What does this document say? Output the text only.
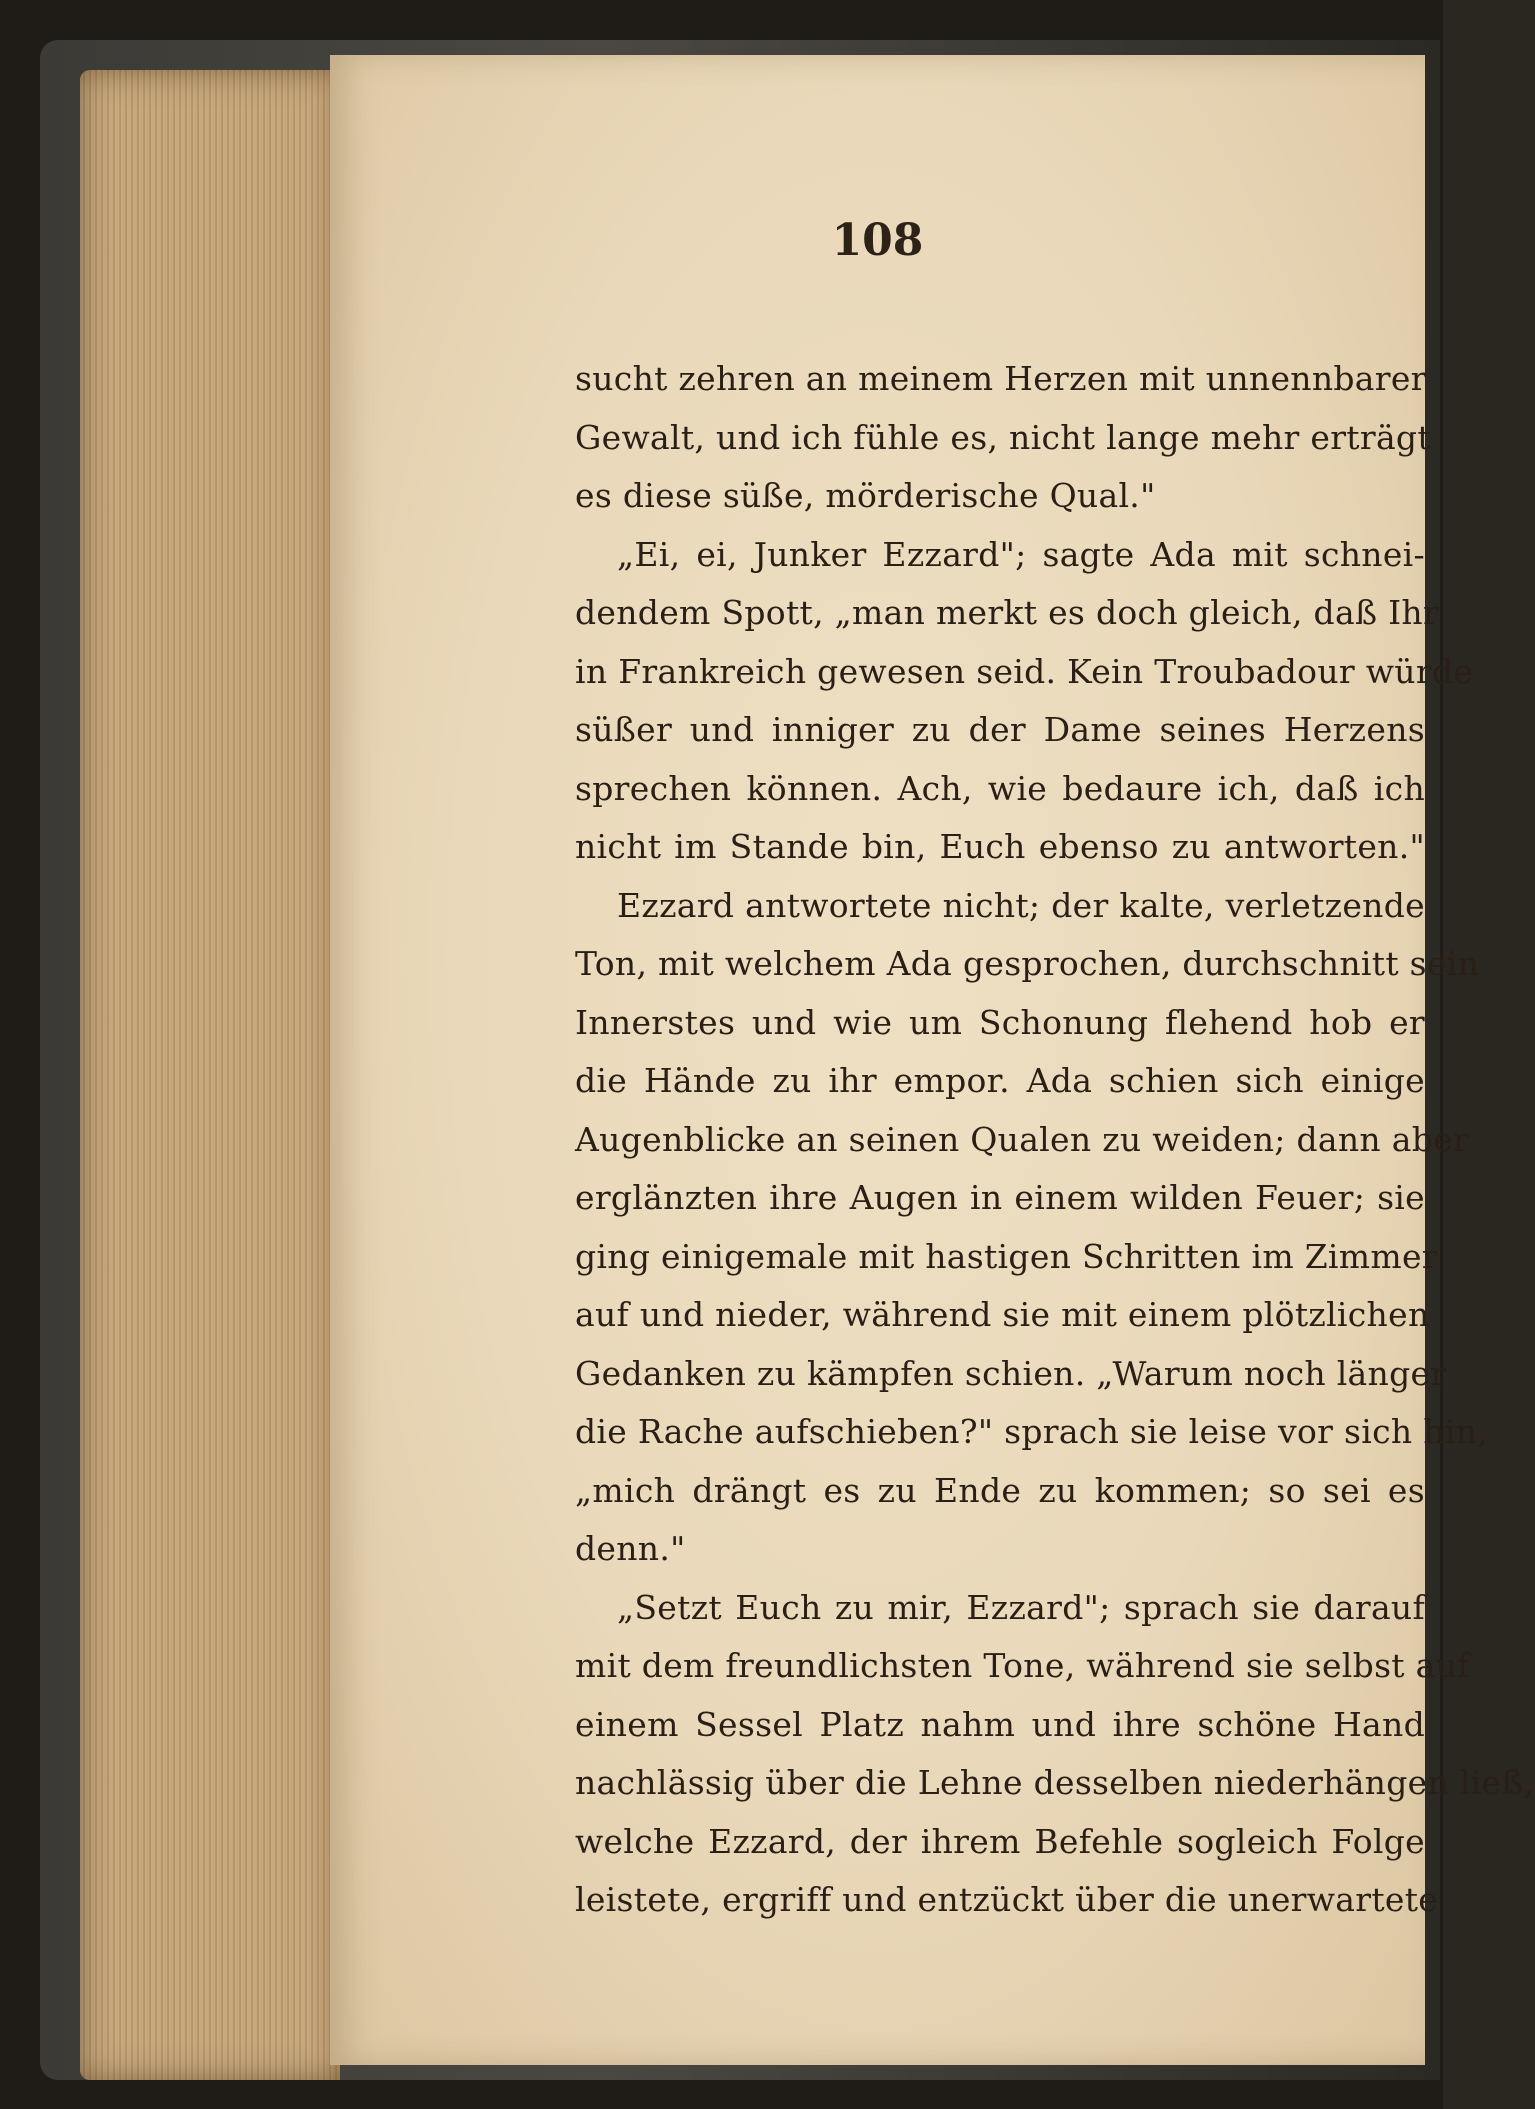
108
sucht zehren an meinem Herzen mit unnennbarer
Gewalt, und ich fühle es, nicht lange mehr erträgt
es diese süße, mörderische Qual."
„Ei, ei, Junker Ezzard"; sagte Ada mit schnei-
dendem Spott, „man merkt es doch gleich, daß Ihr
in Frankreich gewesen seid. Kein Troubadour würde
süßer und inniger zu der Dame seines Herzens
sprechen können. Ach, wie bedaure ich, daß ich
nicht im Stande bin, Euch ebenso zu antworten."
Ezzard antwortete nicht; der kalte, verletzende
Ton, mit welchem Ada gesprochen, durchschnitt sein
Innerstes und wie um Schonung flehend hob er
die Hände zu ihr empor. Ada schien sich einige
Augenblicke an seinen Qualen zu weiden; dann aber
erglänzten ihre Augen in einem wilden Feuer; sie
ging einigemale mit hastigen Schritten im Zimmer
auf und nieder, während sie mit einem plötzlichen
Gedanken zu kämpfen schien. „Warum noch länger
die Rache aufschieben?" sprach sie leise vor sich hin,
„mich drängt es zu Ende zu kommen; so sei es
denn."
„Setzt Euch zu mir, Ezzard"; sprach sie darauf
mit dem freundlichsten Tone, während sie selbst auf
einem Sessel Platz nahm und ihre schöne Hand
nachlässig über die Lehne desselben niederhängen ließ,
welche Ezzard, der ihrem Befehle sogleich Folge
leistete, ergriff und entzückt über die unerwartete
